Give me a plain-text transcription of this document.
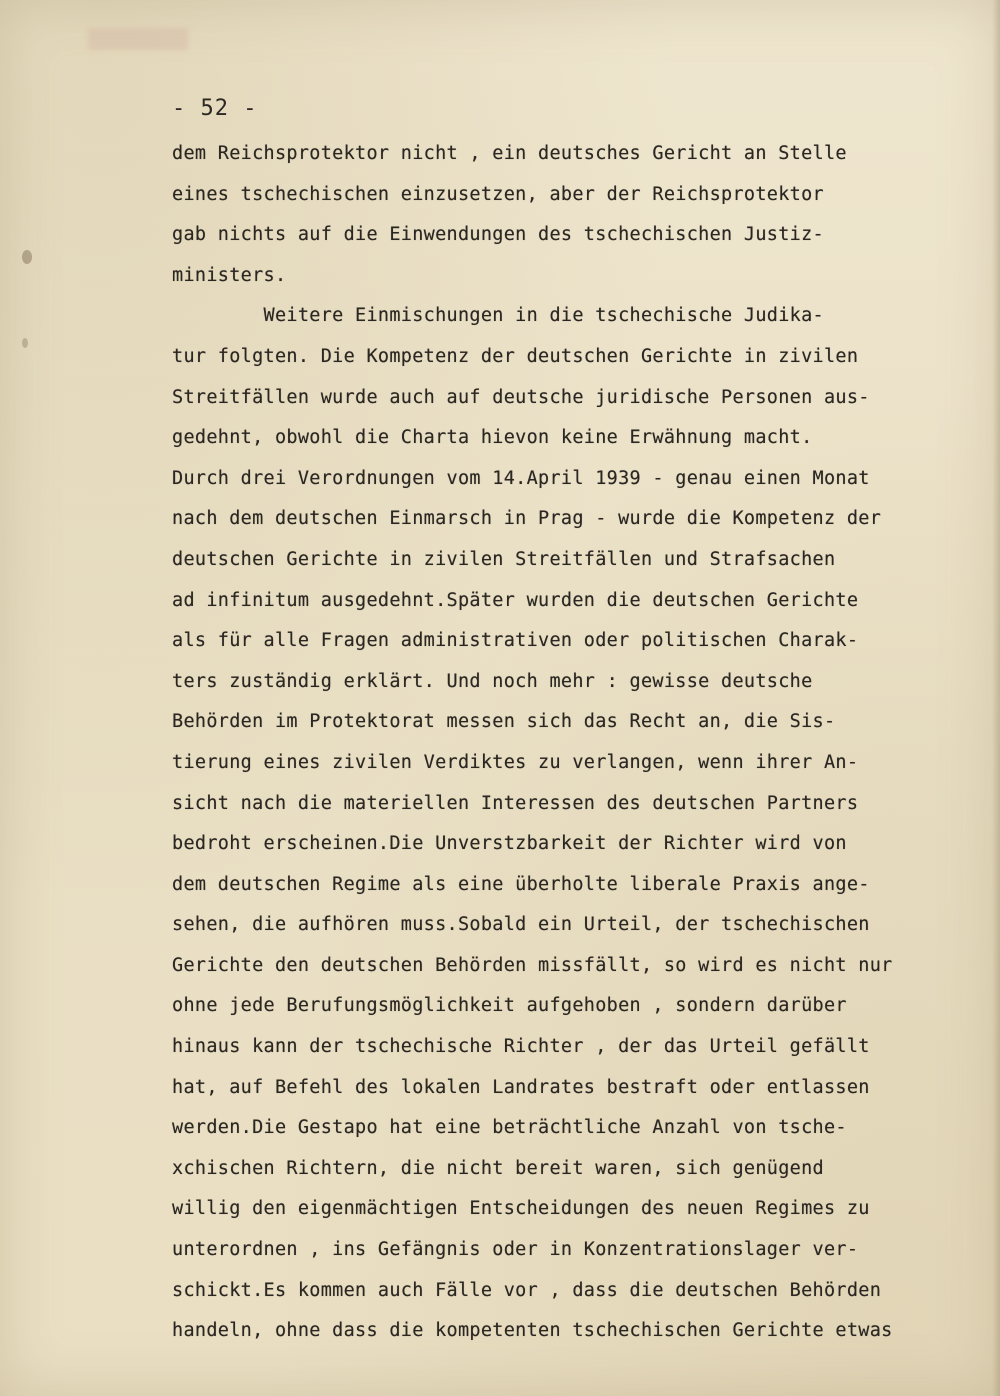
- 52 -
dem Reichsprotektor nicht , ein deutsches Gericht an Stelle
eines tschechischen einzusetzen, aber der Reichsprotektor
gab nichts auf die Einwendungen des tschechischen Justiz-
ministers.
Weitere Einmischungen in die tschechische Judika-
tur folgten. Die Kompetenz der deutschen Gerichte in zivilen
Streitfällen wurde auch auf deutsche juridische Personen aus-
gedehnt, obwohl die Charta hievon keine Erwähnung macht.
Durch drei Verordnungen vom 14.April 1939 - genau einen Monat
nach dem deutschen Einmarsch in Prag - wurde die Kompetenz der
deutschen Gerichte in zivilen Streitfällen und Strafsachen
ad infinitum ausgedehnt.Später wurden die deutschen Gerichte
als für alle Fragen administrativen oder politischen Charak-
ters zuständig erklärt. Und noch mehr : gewisse deutsche
Behörden im Protektorat messen sich das Recht an, die Sis-
tierung eines zivilen Verdiktes zu verlangen, wenn ihrer An-
sicht nach die materiellen Interessen des deutschen Partners
bedroht erscheinen.Die Unverstzbarkeit der Richter wird von
dem deutschen Regime als eine überholte liberale Praxis ange-
sehen, die aufhören muss.Sobald ein Urteil, der tschechischen
Gerichte den deutschen Behörden missfällt, so wird es nicht nur
ohne jede Berufungsmöglichkeit aufgehoben , sondern darüber
hinaus kann der tschechische Richter , der das Urteil gefällt
hat, auf Befehl des lokalen Landrates bestraft oder entlassen
werden.Die Gestapo hat eine beträchtliche Anzahl von tsche-
xchischen Richtern, die nicht bereit waren, sich genügend
willig den eigenmächtigen Entscheidungen des neuen Regimes zu
unterordnen , ins Gefängnis oder in Konzentrationslager ver-
schickt.Es kommen auch Fälle vor , dass die deutschen Behörden
handeln, ohne dass die kompetenten tschechischen Gerichte etwas
